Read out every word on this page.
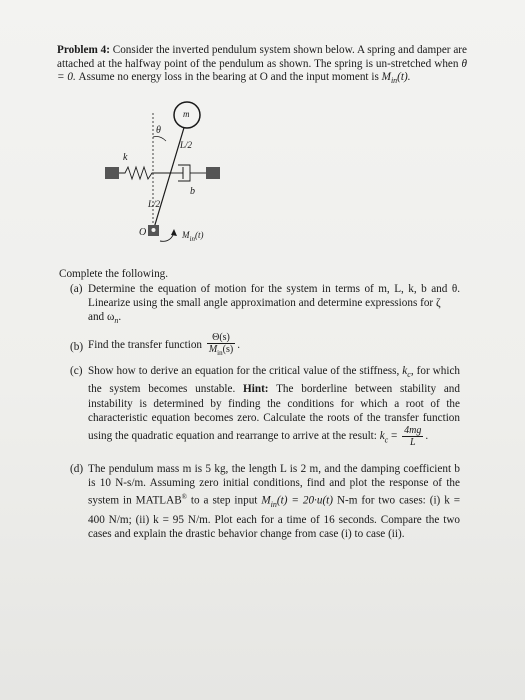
Problem 4: Consider the inverted pendulum system shown below. A spring and damper are attached at the halfway point of the pendulum as shown. The spring is un-stretched when θ = 0. Assume no energy loss in the bearing at O and the input moment is $M_{in}(t)$.
m
θ
L/2
k
b
L/2
O	$M_{in}(t)$
Complete the following.
(a) Determine the equation of motion for the system in terms of m, L, k, b and θ. Linearize using the small angle approximation and determine expressions for ζ
and $\omega_n$.
(b) Find the transfer function $\frac{\Theta(s)}{M_{in}(s)}$ .
(c) Show how to derive an equation for the critical value of the stiffness, $k_c$, for which the system becomes unstable. Hint: The borderline between stability and instability is determined by finding the conditions for which a root of the characteristic equation becomes zero. Calculate the roots of the transfer function using the quadratic equation and rearrange to arrive at the result: $k_c = \frac{4mg}{L}$ .
(d) The pendulum mass m is 5 kg, the length L is 2 m, and the damping coefficient b is 10 N-s/m. Assuming zero initial conditions, find and plot the response of the system in MATLAB® to a step input $M_{in}(t) = 20\cdot u(t)$ N-m for two cases: (i) k = 400 N/m; (ii) k = 95 N/m. Plot each for a time of 16 seconds. Compare the two cases and explain the drastic behavior change from case (i) to case (ii).
